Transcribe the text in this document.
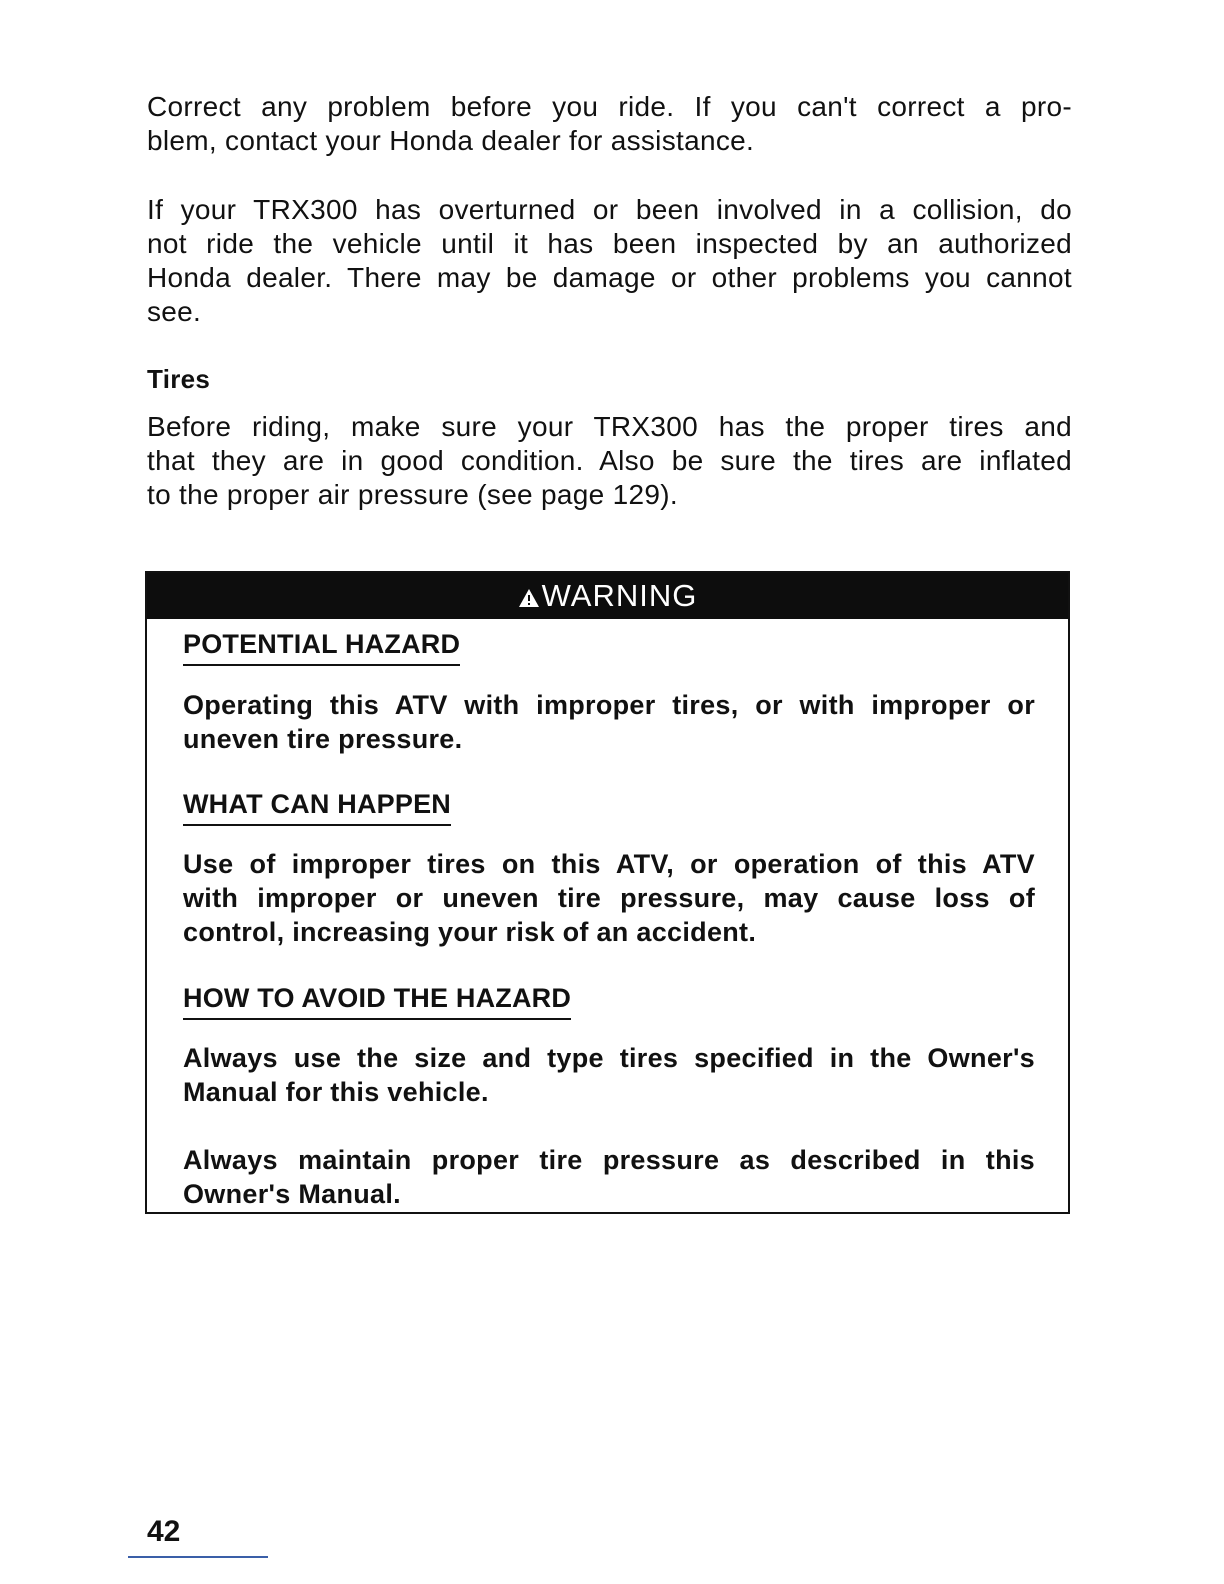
Correct any problem before you ride. If you can't correct a pro-
blem, contact your Honda dealer for assistance.

If your TRX300 has overturned or been involved in a collision, do
not ride the vehicle until it has been inspected by an authorized
Honda dealer. There may be damage or other problems you cannot
see.

Tires

Before riding, make sure your TRX300 has the proper tires and
that they are in good condition. Also be sure the tires are inflated
to the proper air pressure (see page 129).

WARNING
POTENTIAL HAZARD

Operating this ATV with improper tires, or with improper or
uneven tire pressure.

WHAT CAN HAPPEN

Use of improper tires on this ATV, or operation of this ATV
with improper or uneven tire pressure, may cause loss of
control, increasing your risk of an accident.

HOW TO AVOID THE HAZARD

Always use the size and type tires specified in the Owner's
Manual for this vehicle.

Always maintain proper tire pressure as described in this
Owner's Manual.

42
